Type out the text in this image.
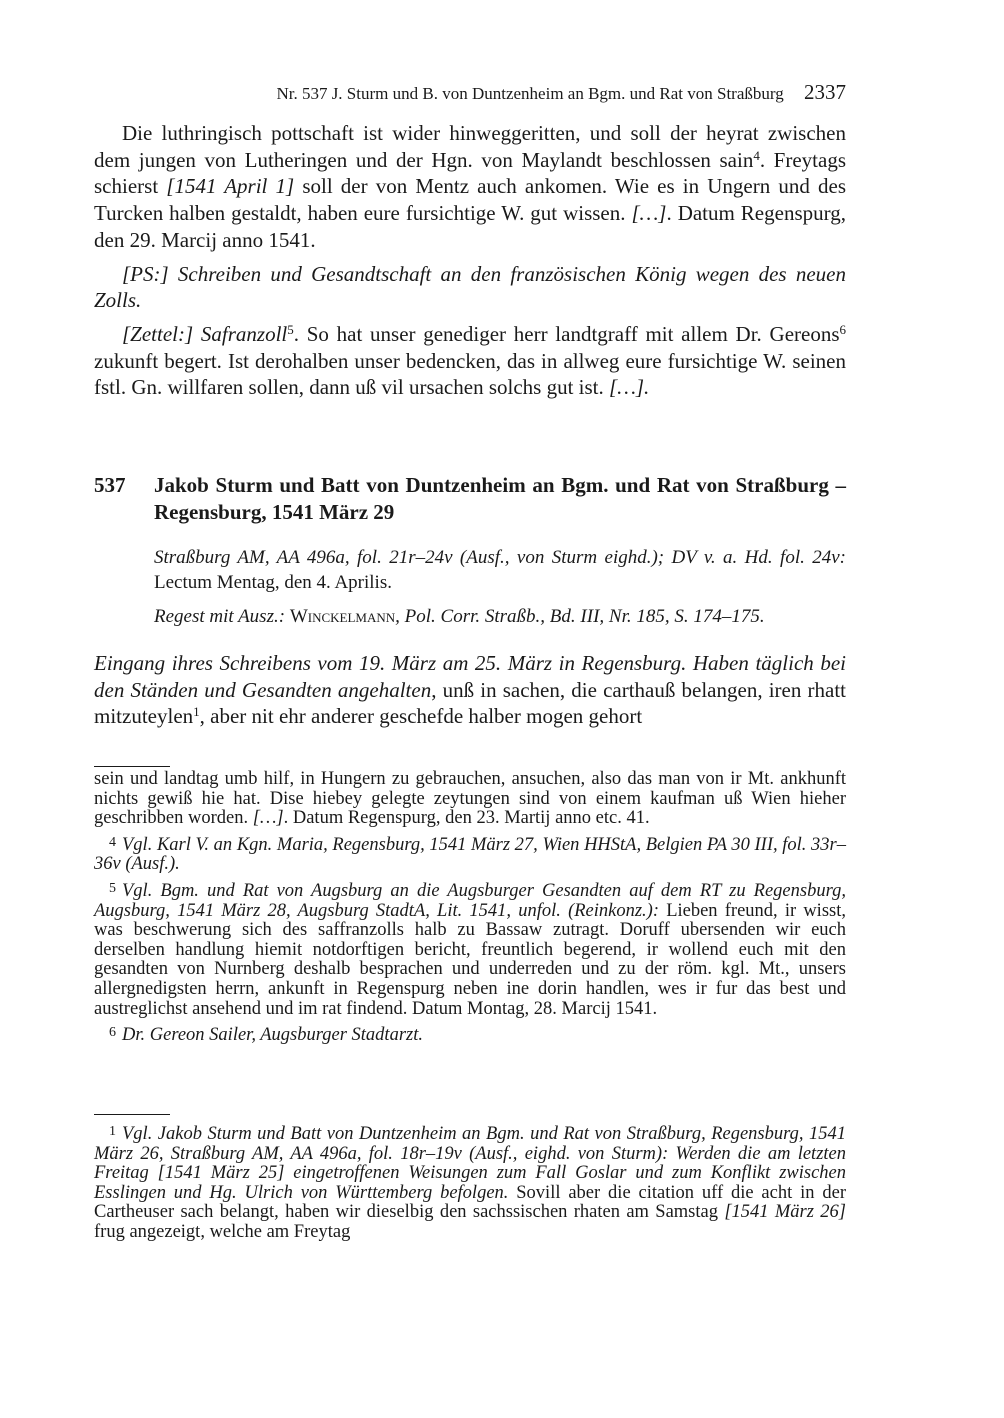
Nr. 537 J. Sturm und B. von Duntzenheim an Bgm. und Rat von Straßburg 2337

Die luthringisch pottschaft ist wider hinweggeritten, und soll der heyrat zwischen dem jungen von Lutheringen und der Hgn. von Maylandt beschlossen sain$^4$. Freytags schierst [1541 April 1] soll der von Mentz auch ankomen. Wie es in Ungern und des Turcken halben gestaldt, haben eure fursichtige W. gut wissen. […]. Datum Regenspurg, den 29. Marcij anno 1541.

[PS:] Schreiben und Gesandtschaft an den französischen König wegen des neuen Zolls.

[Zettel:] Safranzoll$^5$. So hat unser genediger herr landtgraff mit allem Dr. Gereons$^6$ zukunft begert. Ist derohalben unser bedencken, das in allweg eure fursichtige W. seinen fstl. Gn. willfaren sollen, dann uß vil ursachen solchs gut ist. […].

537 Jakob Sturm und Batt von Duntzenheim an Bgm. und Rat von Straßburg – Regensburg, 1541 März 29

Straßburg AM, AA 496a, fol. 21r–24v (Ausf., von Sturm eighd.); DV v. a. Hd. fol. 24v: Lectum Mentag, den 4. Aprilis.

Regest mit Ausz.: Winckelmann, Pol. Corr. Straßb., Bd. III, Nr. 185, S. 174–175.

Eingang ihres Schreibens vom 19. März am 25. März in Regensburg. Haben täglich bei den Ständen und Gesandten angehalten, unß in sachen, die carthauß belangen, iren rhatt mitzuteylen$^1$, aber nit ehr anderer geschefde halber mogen gehort

sein und landtag umb hilf, in Hungern zu gebrauchen, ansuchen, also das man von ir Mt. ankhunft nichts gewiß hie hat. Dise hiebey gelegte zeytungen sind von einem kaufman uß Wien hieher geschribben worden. […]. Datum Regenspurg, den 23. Martij anno etc. 41.

4 Vgl. Karl V. an Kgn. Maria, Regensburg, 1541 März 27, Wien HHStA, Belgien PA 30 III, fol. 33r–36v (Ausf.).

5 Vgl. Bgm. und Rat von Augsburg an die Augsburger Gesandten auf dem RT zu Regensburg, Augsburg, 1541 März 28, Augsburg StadtA, Lit. 1541, unfol. (Reinkonz.): Lieben freund, ir wisst, was beschwerung sich des saffranzolls halb zu Bassaw zutragt. Doruff ubersenden wir euch derselben handlung hiemit notdorftigen bericht, freuntlich begerend, ir wollend euch mit den gesandten von Nurnberg deshalb besprachen und underreden und zu der röm. kgl. Mt., unsers allergnedigsten herrn, ankunft in Regenspurg neben ine dorin handlen, wes ir fur das best und austreglichst ansehend und im rat findend. Datum Montag, 28. Marcij 1541.

6 Dr. Gereon Sailer, Augsburger Stadtarzt.

1 Vgl. Jakob Sturm und Batt von Duntzenheim an Bgm. und Rat von Straßburg, Regensburg, 1541 März 26, Straßburg AM, AA 496a, fol. 18r–19v (Ausf., eighd. von Sturm): Werden die am letzten Freitag [1541 März 25] eingetroffenen Weisungen zum Fall Goslar und zum Konflikt zwischen Esslingen und Hg. Ulrich von Württemberg befolgen. Sovill aber die citation uff die acht in der Cartheuser sach belangt, haben wir dieselbig den sachssischen rhaten am Samstag [1541 März 26] frug angezeigt, welche am Freytag
